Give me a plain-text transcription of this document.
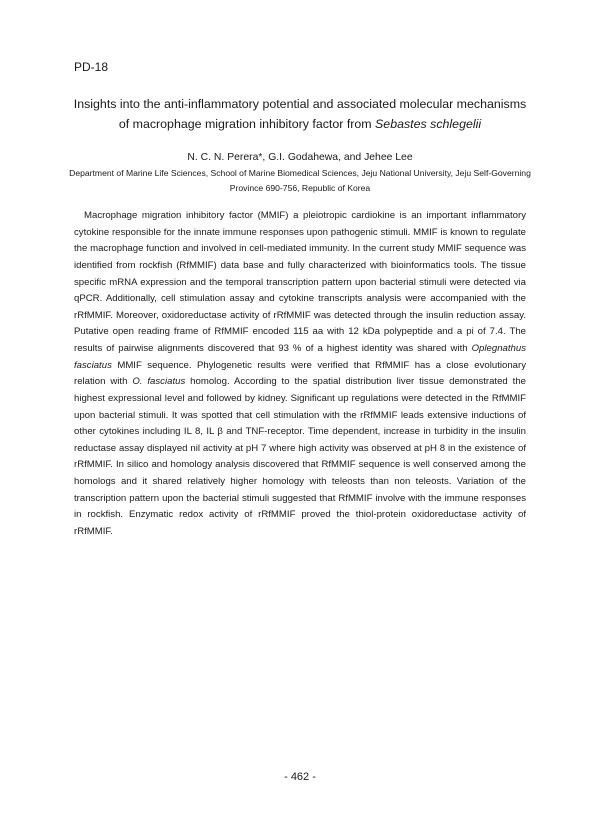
PD-18
Insights into the anti-inflammatory potential and associated molecular mechanisms
of macrophage migration inhibitory factor from Sebastes schlegelii
N. C. N. Perera*, G.I. Godahewa, and Jehee Lee
Department of Marine Life Sciences, School of Marine Biomedical Sciences, Jeju National University, Jeju Self-Governing Province 690-756, Republic of Korea

Macrophage migration inhibitory factor (MMIF) a pleiotropic cardiokine is an important inflammatory cytokine responsible for the innate immune responses upon pathogenic stimuli. MMIF is known to regulate the macrophage function and involved in cell-mediated immunity. In the current study MMIF sequence was identified from rockfish (RfMMIF) data base and fully characterized with bioinformatics tools. The tissue specific mRNA expression and the temporal transcription pattern upon bacterial stimuli were detected via qPCR. Additionally, cell stimulation assay and cytokine transcripts analysis were accompanied with the rRfMMIF. Moreover, oxidoreductase activity of rRfMMIF was detected through the insulin reduction assay. Putative open reading frame of RfMMIF encoded 115 aa with 12 kDa polypeptide and a pi of 7.4. The results of pairwise alignments discovered that 93 % of a highest identity was shared with Oplegnathus fasciatus MMIF sequence. Phylogenetic results were verified that RfMMIF has a close evolutionary relation with O. fasciatus homolog. According to the spatial distribution liver tissue demonstrated the highest expressional level and followed by kidney. Significant up regulations were detected in the RfMMIF upon bacterial stimuli. It was spotted that cell stimulation with the rRfMMIF leads extensive inductions of other cytokines including IL 8, IL β and TNF-receptor. Time dependent, increase in turbidity in the insulin reductase assay displayed nil activity at pH 7 where high activity was observed at pH 8 in the existence of rRfMMIF. In silico and homology analysis discovered that RfMMIF sequence is well conserved among the homologs and it shared relatively higher homology with teleosts than non teleosts. Variation of the transcription pattern upon the bacterial stimuli suggested that RfMMIF involve with the immune responses in rockfish. Enzymatic redox activity of rRfMMIF proved the thiol-protein oxidoreductase activity of rRfMMIF.

- 462 -
